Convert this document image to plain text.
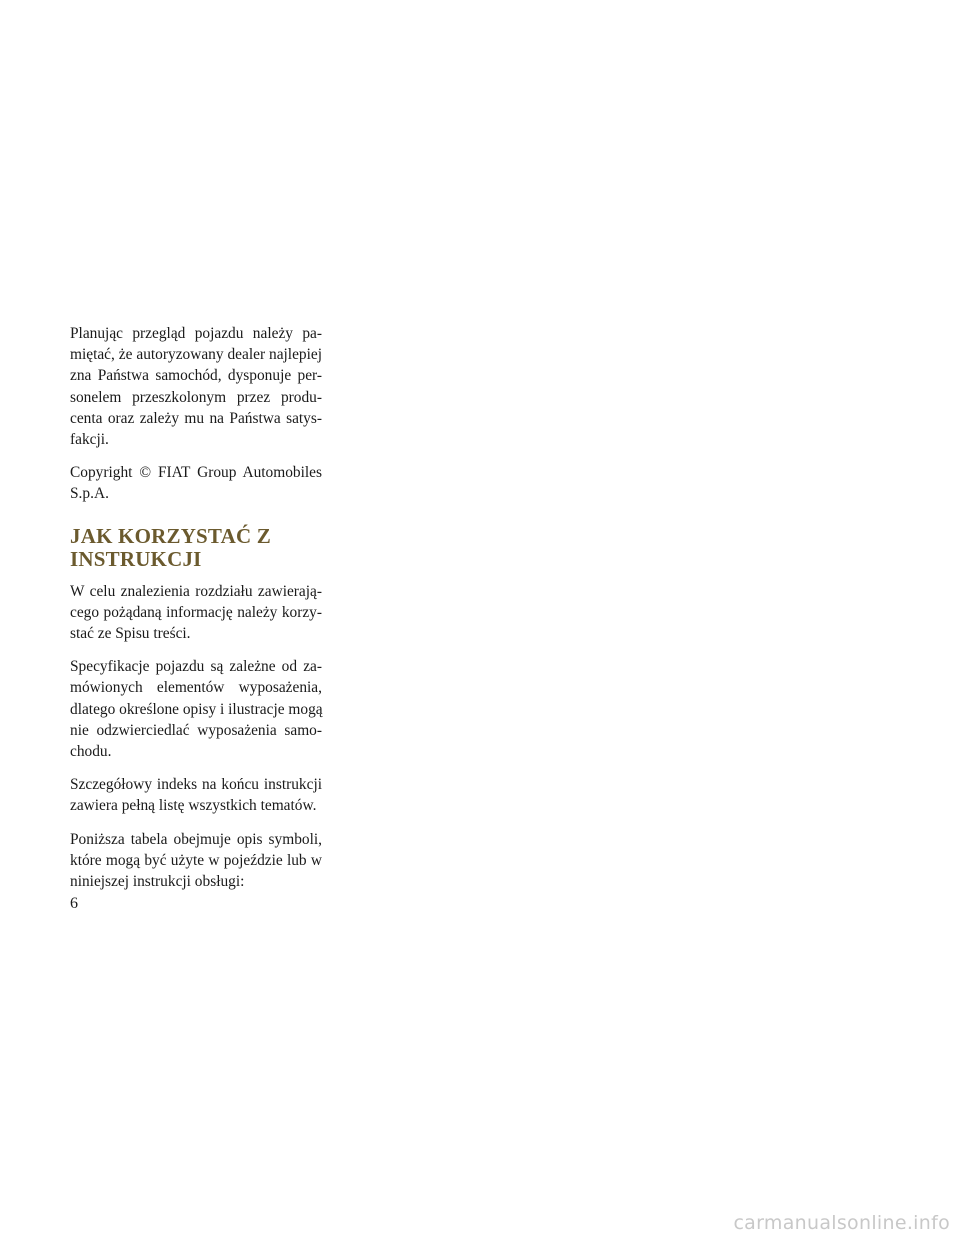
Planując przegląd pojazdu należy pa-
miętać, że autoryzowany dealer najlepiej
zna Państwa samochód, dysponuje per-
sonelem przeszkolonym przez produ-
centa oraz zależy mu na Państwa satys-
fakcji.

Copyright © FIAT Group Automobiles
S.p.A.

JAK KORZYSTAĆ Z
INSTRUKCJI

W celu znalezienia rozdziału zawierają-
cego pożądaną informację należy korzy-
stać ze Spisu treści.

Specyfikacje pojazdu są zależne od za-
mówionych elementów wyposażenia,
dlatego określone opisy i ilustracje mogą
nie odzwierciedlać wyposażenia samo-
chodu.

Szczegółowy indeks na końcu instrukcji
zawiera pełną listę wszystkich tematów.

Poniższa tabela obejmuje opis symboli,
które mogą być użyte w pojeździe lub w
niniejszej instrukcji obsługi:

6
carmanualsonline.info
